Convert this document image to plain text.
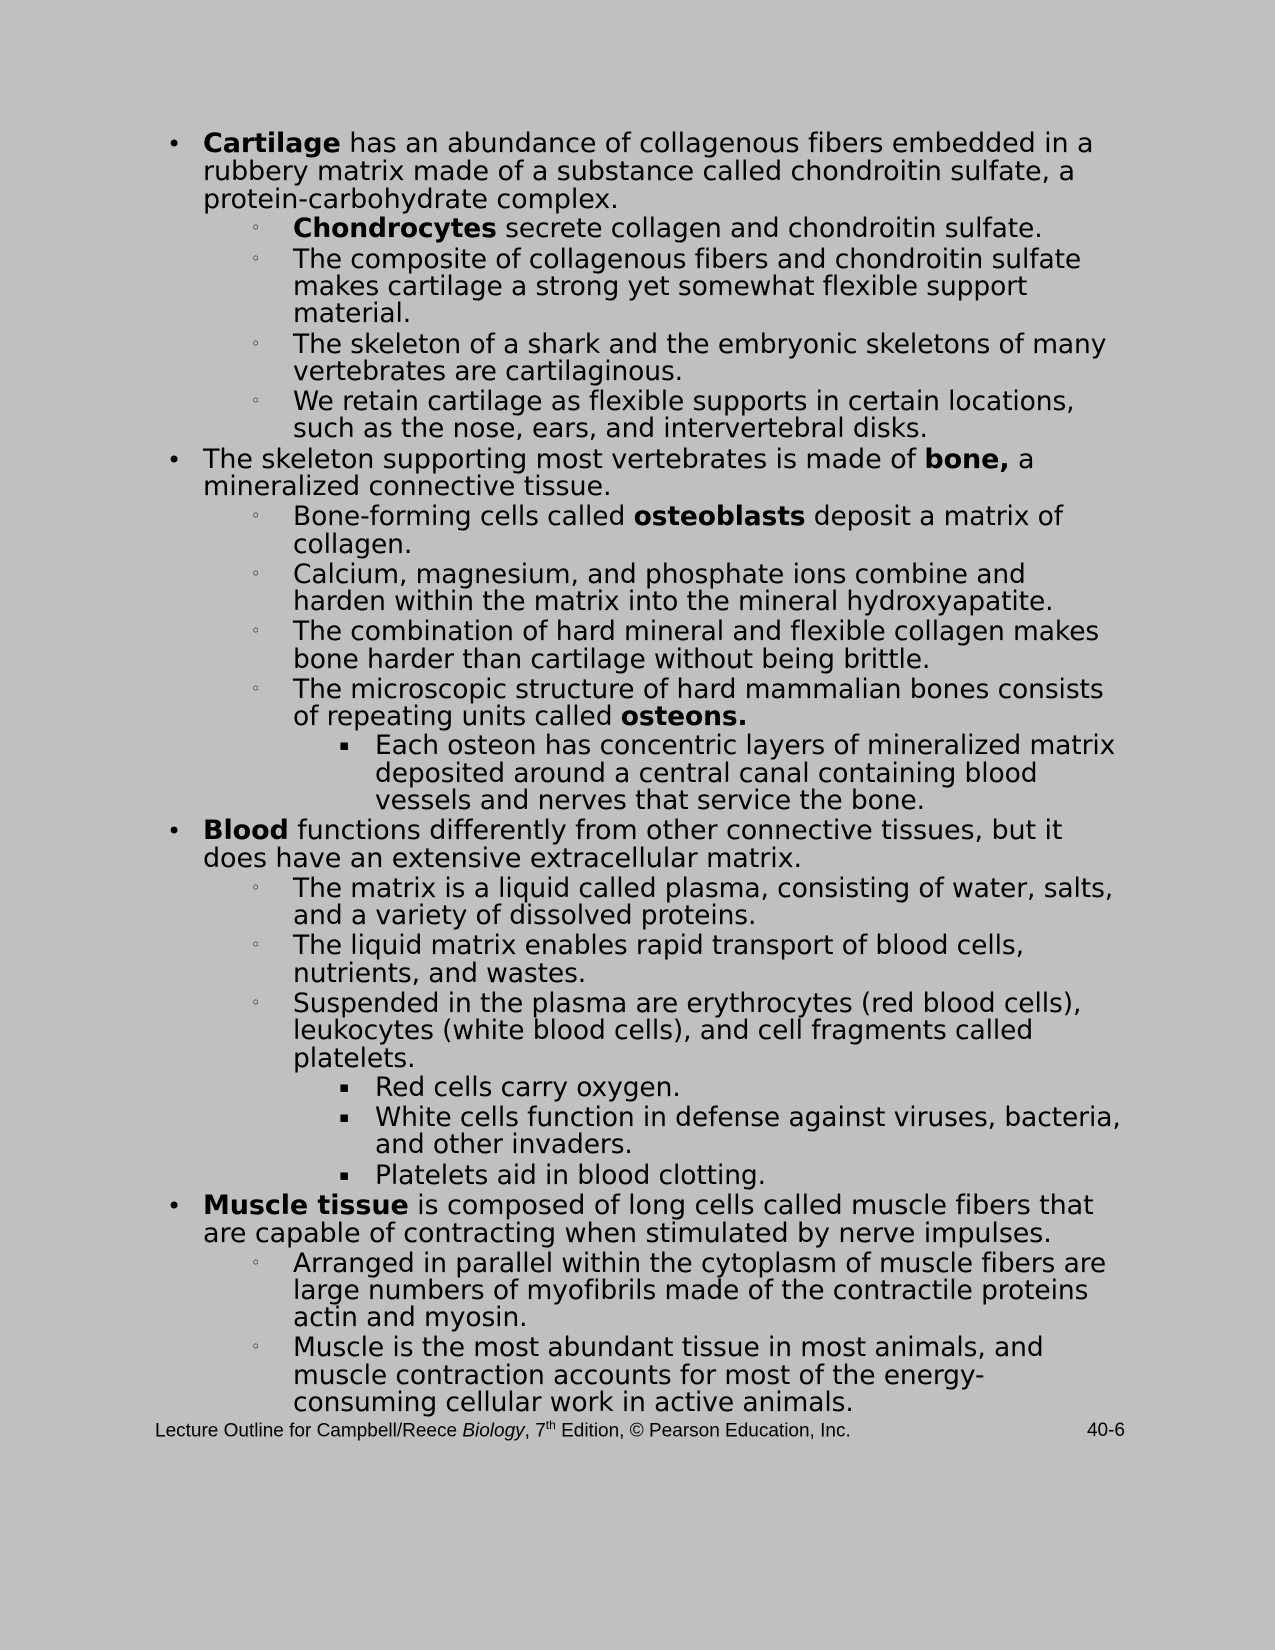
• Cartilage has an abundance of collagenous fibers embedded in a rubbery matrix made of a substance called chondroitin sulfate, a protein-carbohydrate complex.
◦ Chondrocytes secrete collagen and chondroitin sulfate.
◦ The composite of collagenous fibers and chondroitin sulfate makes cartilage a strong yet somewhat flexible support material.
◦ The skeleton of a shark and the embryonic skeletons of many vertebrates are cartilaginous.
◦ We retain cartilage as flexible supports in certain locations, such as the nose, ears, and intervertebral disks.
• The skeleton supporting most vertebrates is made of bone, a mineralized connective tissue.
◦ Bone-forming cells called osteoblasts deposit a matrix of collagen.
◦ Calcium, magnesium, and phosphate ions combine and harden within the matrix into the mineral hydroxyapatite.
◦ The combination of hard mineral and flexible collagen makes bone harder than cartilage without being brittle.
◦ The microscopic structure of hard mammalian bones consists of repeating units called osteons.
▪ Each osteon has concentric layers of mineralized matrix deposited around a central canal containing blood vessels and nerves that service the bone.
• Blood functions differently from other connective tissues, but it does have an extensive extracellular matrix.
◦ The matrix is a liquid called plasma, consisting of water, salts, and a variety of dissolved proteins.
◦ The liquid matrix enables rapid transport of blood cells, nutrients, and wastes.
◦ Suspended in the plasma are erythrocytes (red blood cells), leukocytes (white blood cells), and cell fragments called platelets.
▪ Red cells carry oxygen.
▪ White cells function in defense against viruses, bacteria, and other invaders.
▪ Platelets aid in blood clotting.
• Muscle tissue is composed of long cells called muscle fibers that are capable of contracting when stimulated by nerve impulses.
◦ Arranged in parallel within the cytoplasm of muscle fibers are large numbers of myofibrils made of the contractile proteins actin and myosin.
◦ Muscle is the most abundant tissue in most animals, and muscle contraction accounts for most of the energy-consuming cellular work in active animals.
Lecture Outline for Campbell/Reece Biology, 7th Edition, © Pearson Education, Inc.	40-6
